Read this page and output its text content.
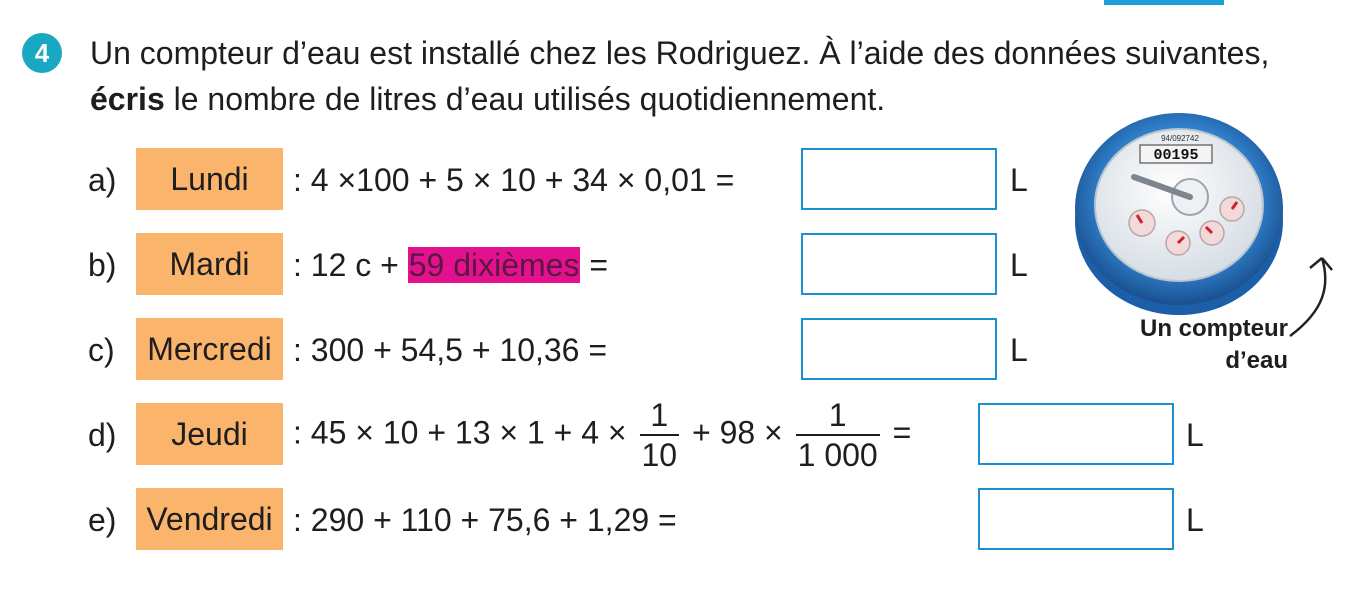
4	Un compteur d’eau est installé chez les Rodriguez. À l’aide des données suivantes,
écris le nombre de litres d’eau utilisés quotidiennement.
a)	Lundi	: 4 ×100 + 5 × 10 + 34 × 0,01 =	L
b)	Mardi	: 12 c + 59 dixièmes =	L
c)	Mercredi : 300 + 54,5 + 10,36 =	L
d)	Jeudi	: $45 \times 10 + 13 \times 1 + 4 \times \frac{1}{10} + 98 \times \frac{1}{1 000}$ =	L
e) Vendredi : 290 + 110 + 75,6 + 1,29 =	L
94/092742
00195
Un compteur
d’eau
